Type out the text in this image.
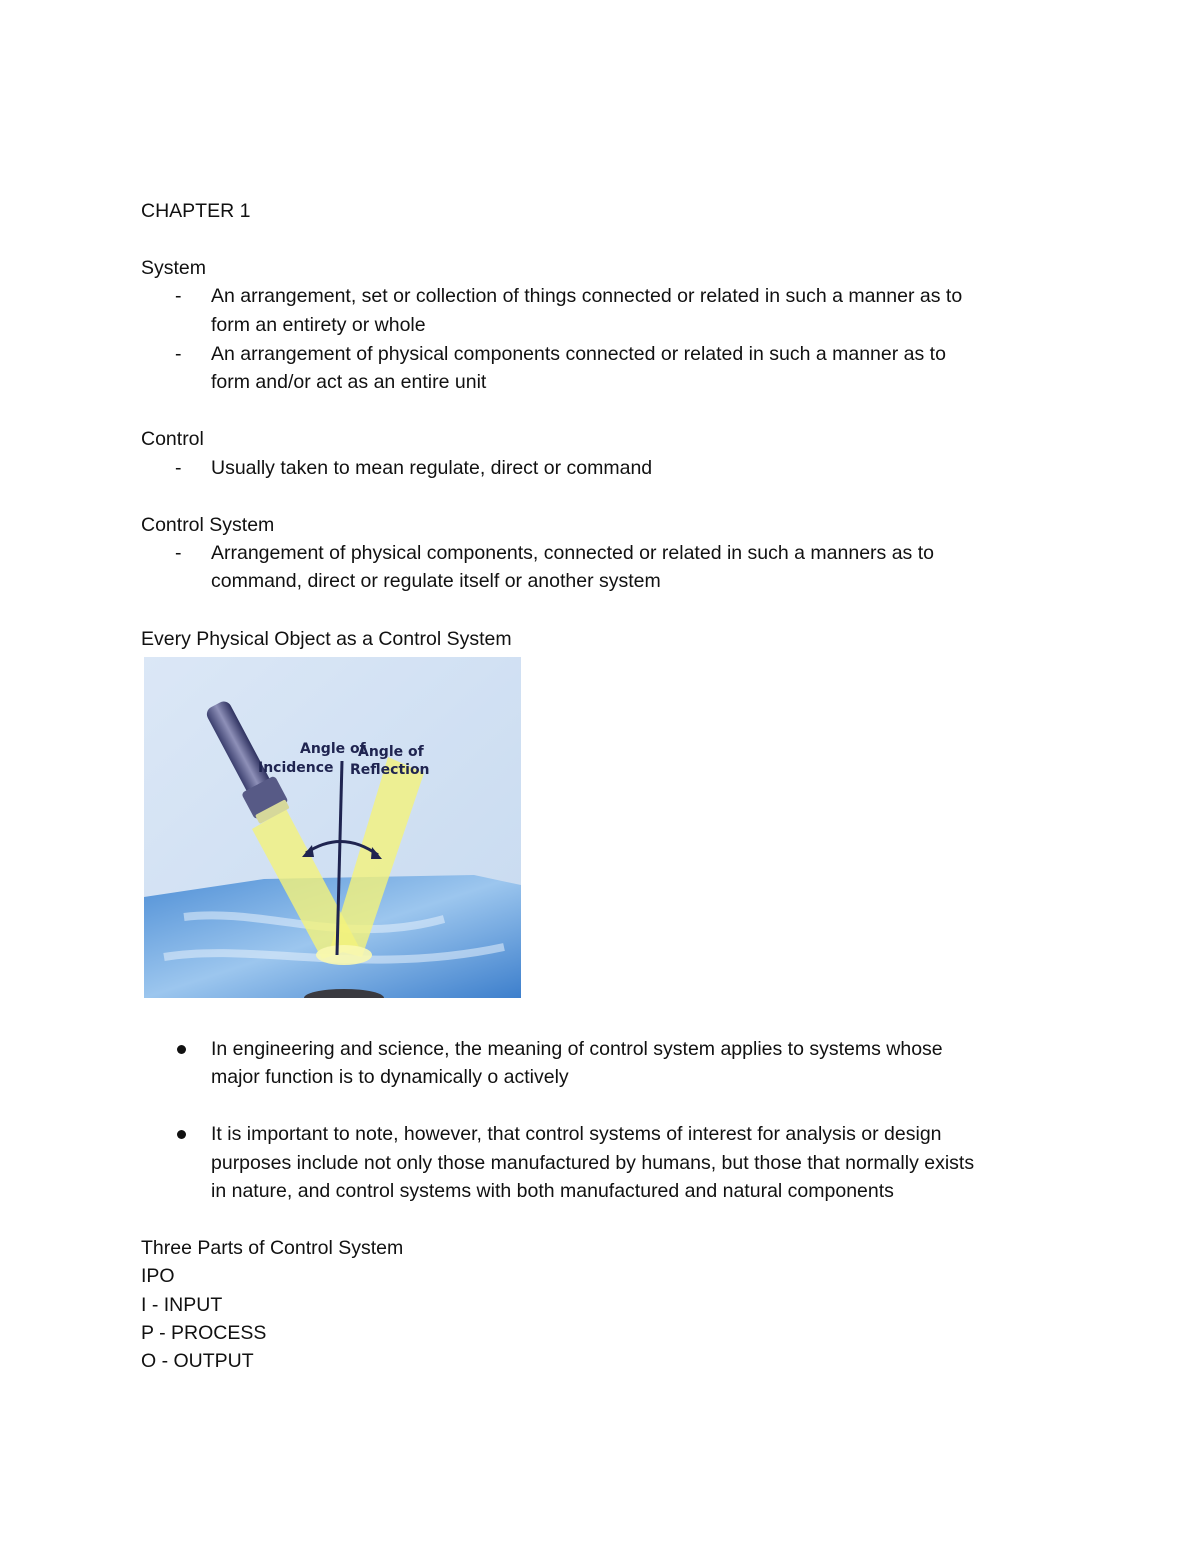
CHAPTER 1
System
-	An arrangement, set or collection of things connected or related in such a manner as to
form an entirety or whole
-	An arrangement of physical components connected or related in such a manner as to
form and/or act as an entire unit
Control
-	Usually taken to mean regulate, direct or command
Control System
-	Arrangement of physical components, connected or related in such a manners as to
command, direct or regulate itself or another system
Every Physical Object as a Control System
Angle of
Incidence
Angle of
Reflection
In engineering and science, the meaning of control system applies to systems whose
major function is to dynamically o actively
It is important to note, however, that control systems of interest for analysis or design
purposes include not only those manufactured by humans, but those that normally exists
in nature, and control systems with both manufactured and natural components
Three Parts of Control System
IPO
I - INPUT
P - PROCESS
O - OUTPUT
